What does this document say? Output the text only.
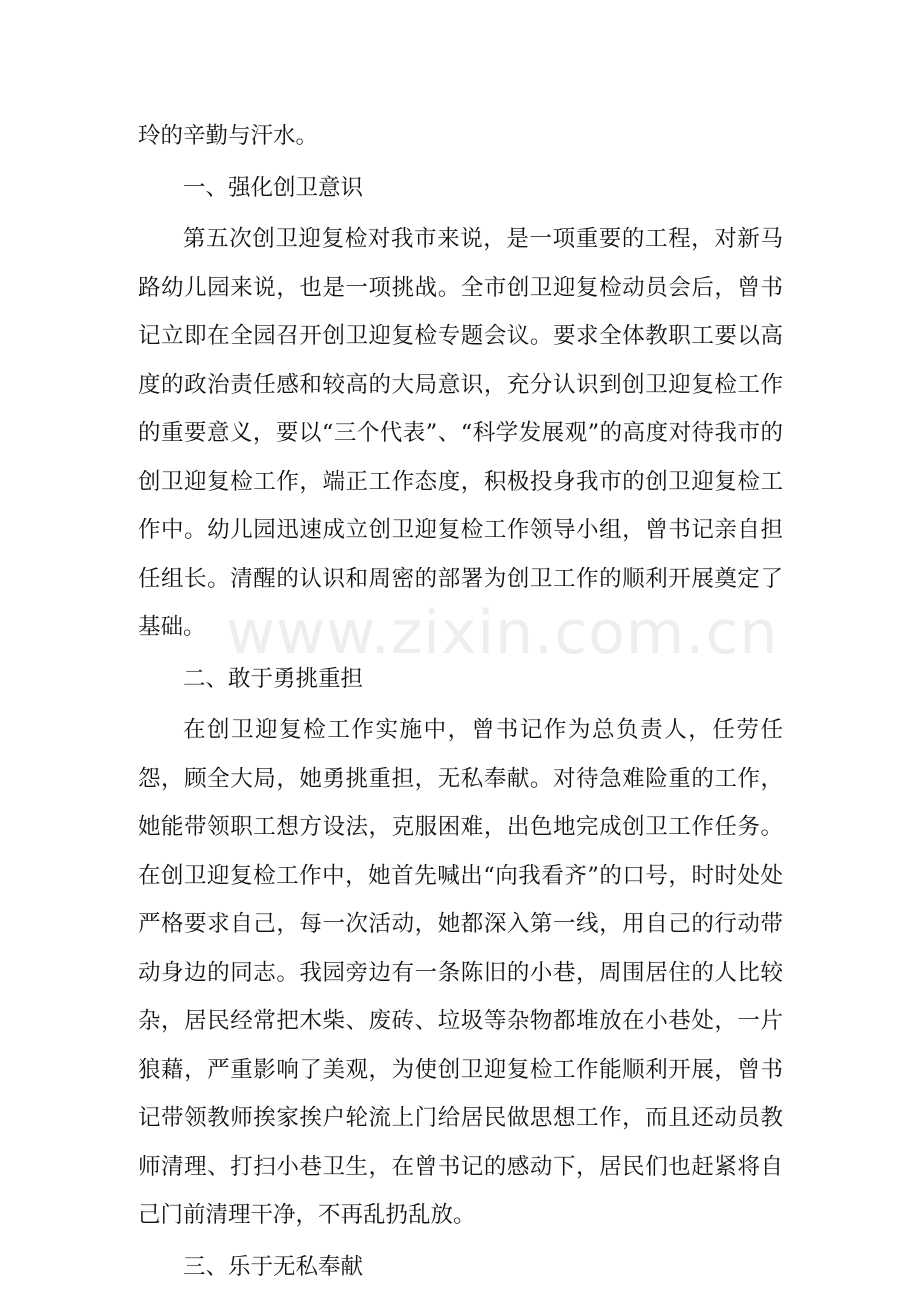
玲的辛勤与汗水。

一、强化创卫意识

第五次创卫迎复检对我市来说，是一项重要的工程，对新马路幼儿园来说，也是一项挑战。全市创卫迎复检动员会后，曾书记立即在全园召开创卫迎复检专题会议。要求全体教职工要以高度的政治责任感和较高的大局意识，充分认识到创卫迎复检工作的重要意义，要以“三个代表”、“科学发展观”的高度对待我市的创卫迎复检工作，端正工作态度，积极投身我市的创卫迎复检工作中。幼儿园迅速成立创卫迎复检工作领导小组，曾书记亲自担任组长。清醒的认识和周密的部署为创卫工作的顺利开展奠定了基础。

二、敢于勇挑重担

在创卫迎复检工作实施中，曾书记作为总负责人，任劳任怨，顾全大局，她勇挑重担，无私奉献。对待急难险重的工作，她能带领职工想方设法，克服困难，出色地完成创卫工作任务。在创卫迎复检工作中，她首先喊出“向我看齐”的口号，时时处处严格要求自己，每一次活动，她都深入第一线，用自己的行动带动身边的同志。我园旁边有一条陈旧的小巷，周围居住的人比较杂，居民经常把木柴、废砖、垃圾等杂物都堆放在小巷处，一片狼藉，严重影响了美观，为使创卫迎复检工作能顺利开展，曾书记带领教师挨家挨户轮流上门给居民做思想工作，而且还动员教师清理、打扫小巷卫生，在曾书记的感动下，居民们也赶紧将自己门前清理干净，不再乱扔乱放。

三、乐于无私奉献

www.zixin.com.cn
